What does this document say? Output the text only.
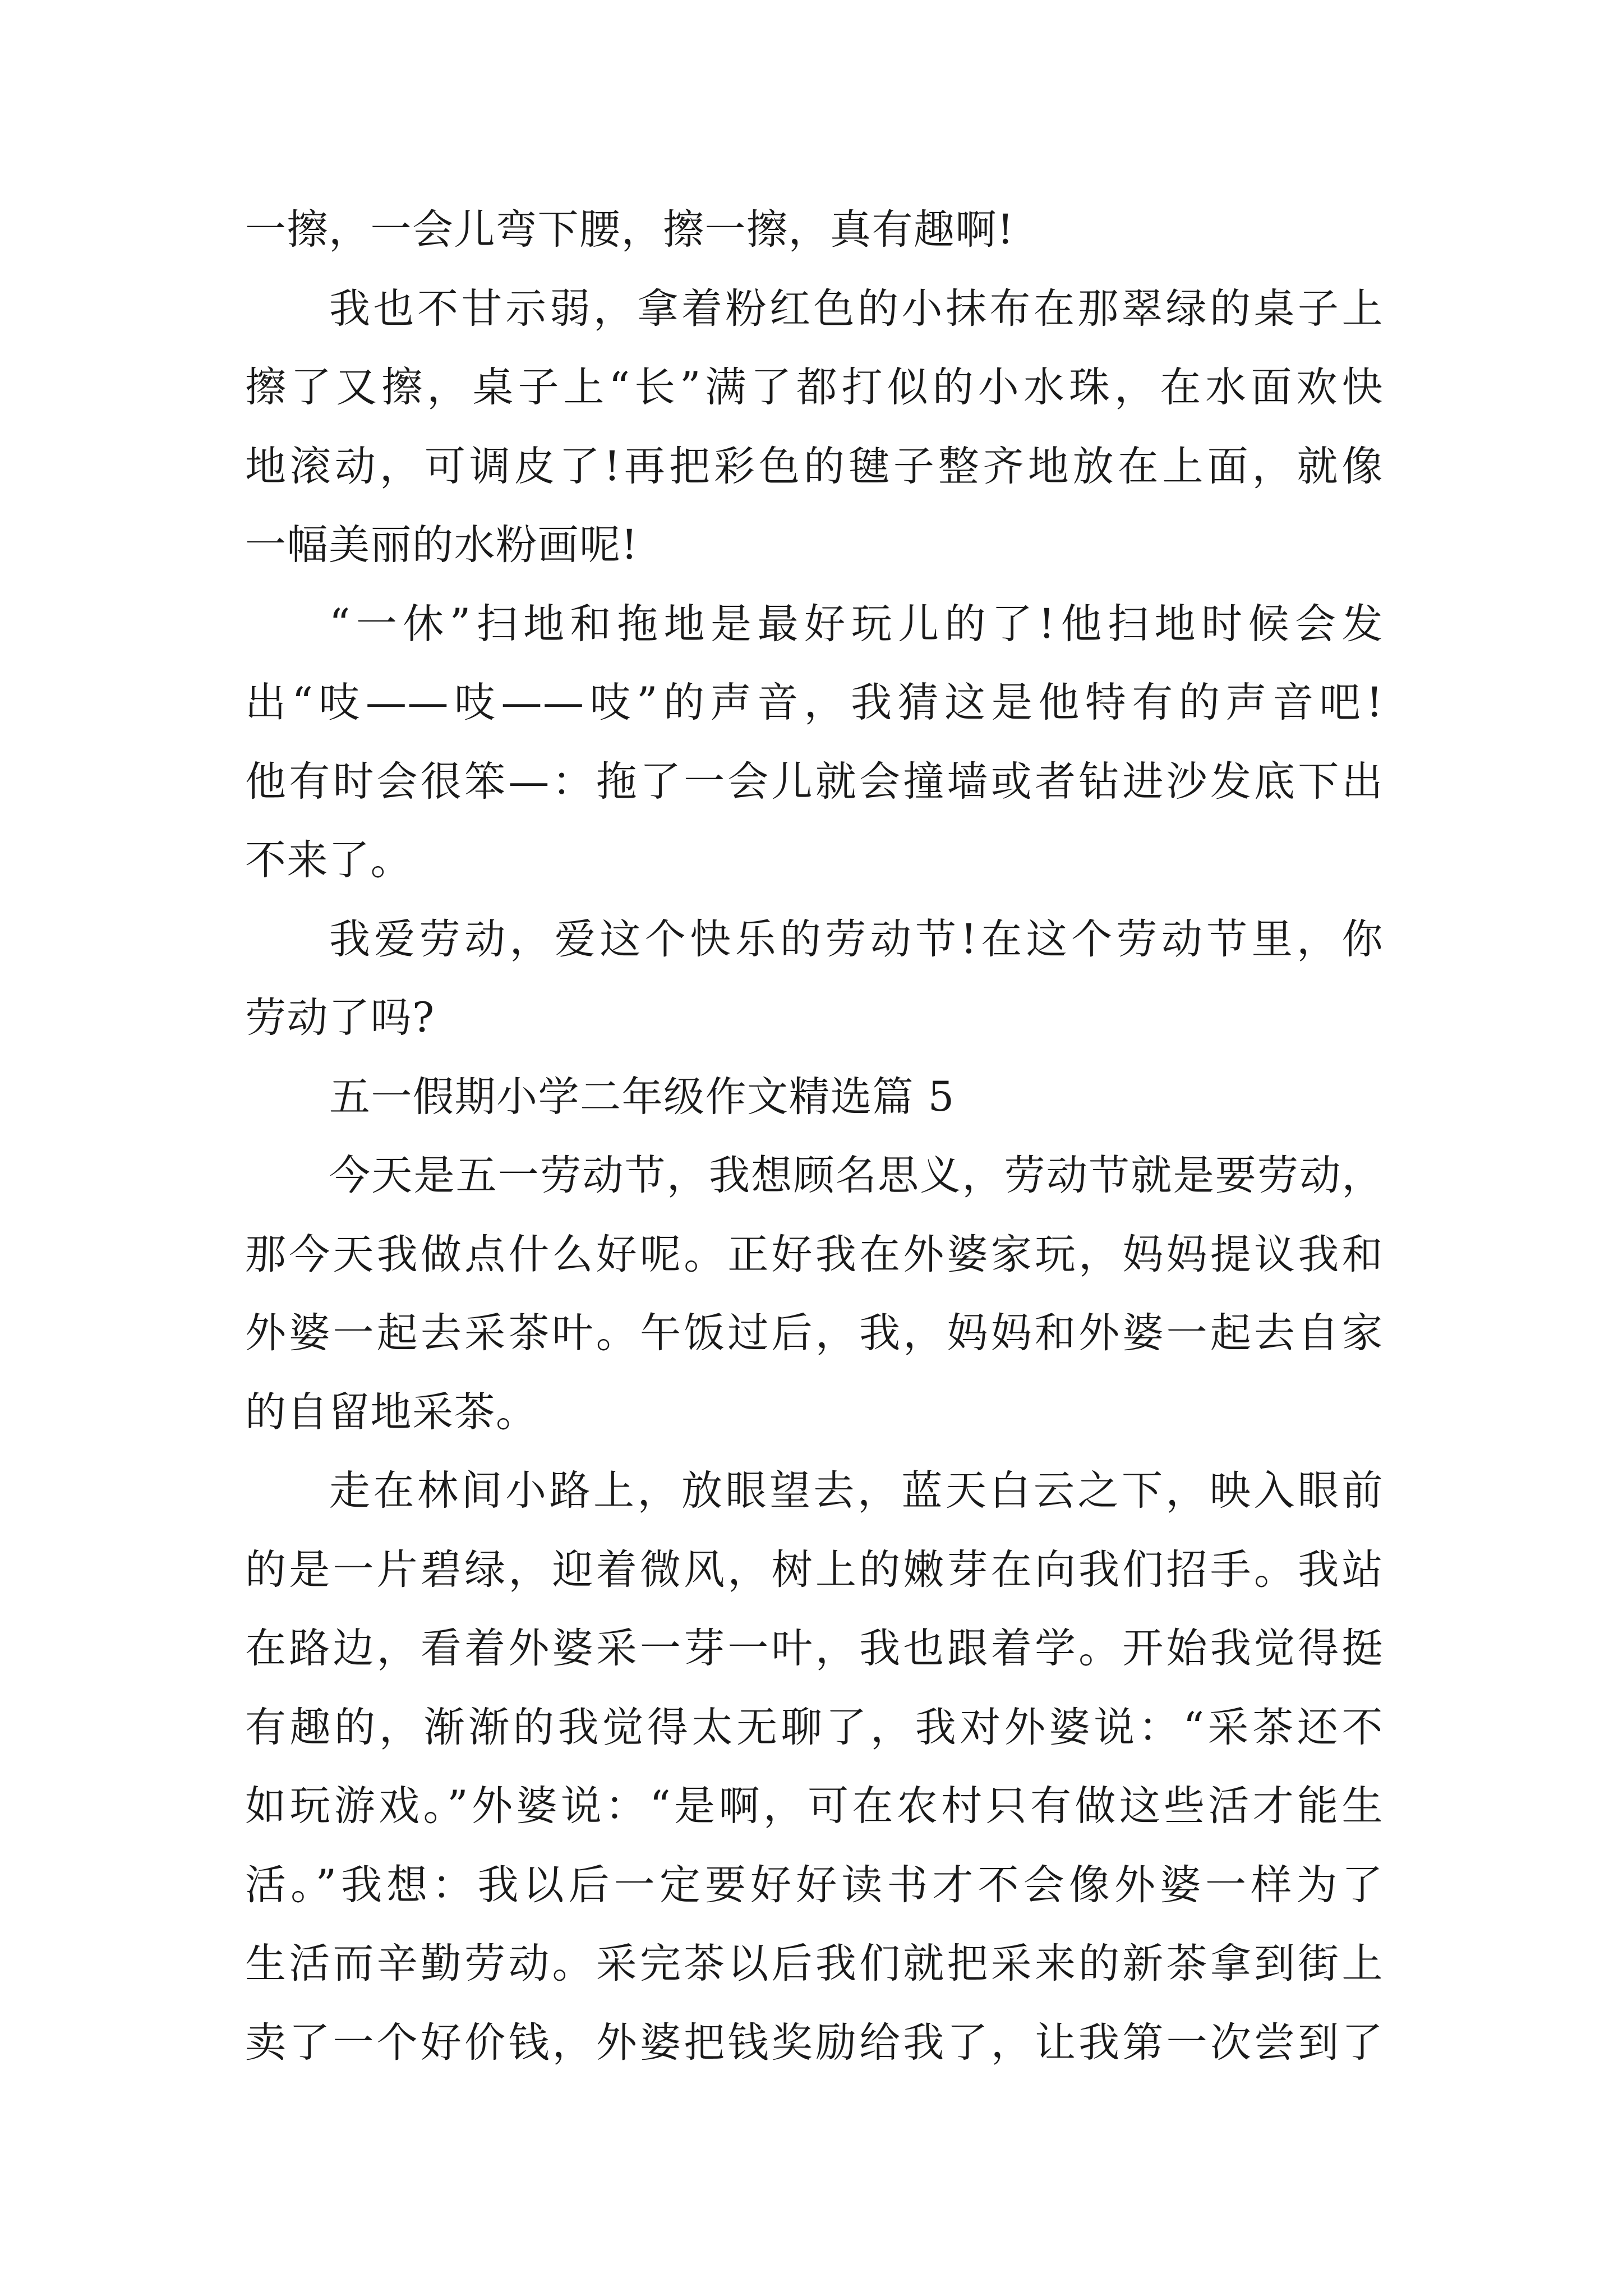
一擦，一会儿弯下腰，擦一擦，真有趣啊!
我也不甘示弱，拿着粉红色的小抹布在那翠绿的桌子上
擦了又擦，桌子上“长”满了都打似的小水珠，在水面欢快
地滚动，可调皮了!再把彩色的毽子整齐地放在上面，就像
一幅美丽的水粉画呢!
“一休”扫地和拖地是最好玩儿的了!他扫地时候会发
出“吱——吱——吱”的声音，我猜这是他特有的声音吧!
他有时会很笨—：拖了一会儿就会撞墙或者钻进沙发底下出
不来了。
我爱劳动，爱这个快乐的劳动节!在这个劳动节里，你
劳动了吗?
五一假期小学二年级作文精选篇 5
今天是五一劳动节，我想顾名思义，劳动节就是要劳动，
那今天我做点什么好呢。正好我在外婆家玩，妈妈提议我和
外婆一起去采茶叶。午饭过后，我，妈妈和外婆一起去自家
的自留地采茶。
走在林间小路上，放眼望去，蓝天白云之下，映入眼前
的是一片碧绿，迎着微风，树上的嫩芽在向我们招手。我站
在路边，看着外婆采一芽一叶，我也跟着学。开始我觉得挺
有趣的，渐渐的我觉得太无聊了，我对外婆说：“采茶还不
如玩游戏。”外婆说：“是啊，可在农村只有做这些活才能生
活。”我想：我以后一定要好好读书才不会像外婆一样为了
生活而辛勤劳动。采完茶以后我们就把采来的新茶拿到街上
卖了一个好价钱，外婆把钱奖励给我了，让我第一次尝到了
